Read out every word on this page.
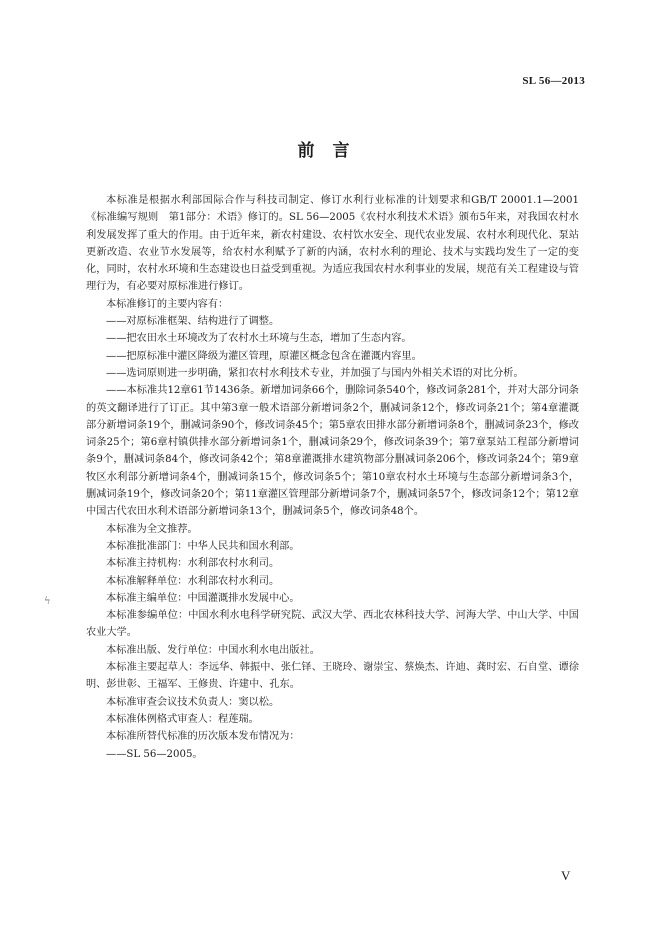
SL 56—2013
前言
ϟ

本标准是根据水利部国际合作与科技司制定、修订水利行业标准的计划要求和GB/T 20001.1—2001《标准编写规则　第1部分：术语》修订的。SL 56—2005《农村水利技术术语》颁布5年来，对我国农村水利发展发挥了重大的作用。由于近年来，新农村建设、农村饮水安全、现代农业发展、农村水利现代化、泵站更新改造、农业节水发展等，给农村水利赋予了新的内涵，农村水利的理论、技术与实践均发生了一定的变化，同时，农村水环境和生态建设也日益受到重视。为适应我国农村水利事业的发展，规范有关工程建设与管理行为，有必要对原标准进行修订。

本标准修订的主要内容有：

——对原标准框架、结构进行了调整。

——把农田水土环境改为了农村水土环境与生态，增加了生态内容。

——把原标准中灌区降级为灌区管理，原灌区概念包含在灌溉内容里。

——选词原则进一步明确，紧扣农村水利技术专业，并加强了与国内外相关术语的对比分析。

——本标准共12章61节1436条。新增加词条66个，删除词条540个，修改词条281个，并对大部分词条的英文翻译进行了订正。其中第3章一般术语部分新增词条2个，删减词条12个，修改词条21个；第4章灌溉部分新增词条19个，删减词条90个，修改词条45个；第5章农田排水部分新增词条8个，删减词条23个，修改词条25个；第6章村镇供排水部分新增词条1个，删减词条29个，修改词条39个；第7章泵站工程部分新增词条9个，删减词条84个，修改词条42个；第8章灌溉排水建筑物部分删减词条206个，修改词条24个；第9章牧区水利部分新增词条4个，删减词条15个，修改词条5个；第10章农村水土环境与生态部分新增词条3个，删减词条19个，修改词条20个；第11章灌区管理部分新增词条7个，删减词条57个，修改词条12个；第12章中国古代农田水利术语部分新增词条13个，删减词条5个，修改词条48个。

本标准为全文推荐。

本标准批准部门：中华人民共和国水利部。

本标准主持机构：水利部农村水利司。

本标准解释单位：水利部农村水利司。

本标准主编单位：中国灌溉排水发展中心。

本标准参编单位：中国水利水电科学研究院、武汉大学、西北农林科技大学、河海大学、中山大学、中国农业大学。

本标准出版、发行单位：中国水利水电出版社。

本标准主要起草人：李远华、韩振中、张仁铎、王晓玲、谢崇宝、蔡焕杰、许迪、龚时宏、石自堂、谭徐明、彭世彰、王福军、王修贵、许建中、孔东。

本标准审查会议技术负责人：窦以松。

本标准体例格式审查人：程莲瑞。

本标准所替代标准的历次版本发布情况为：

——SL 56—2005。

V
